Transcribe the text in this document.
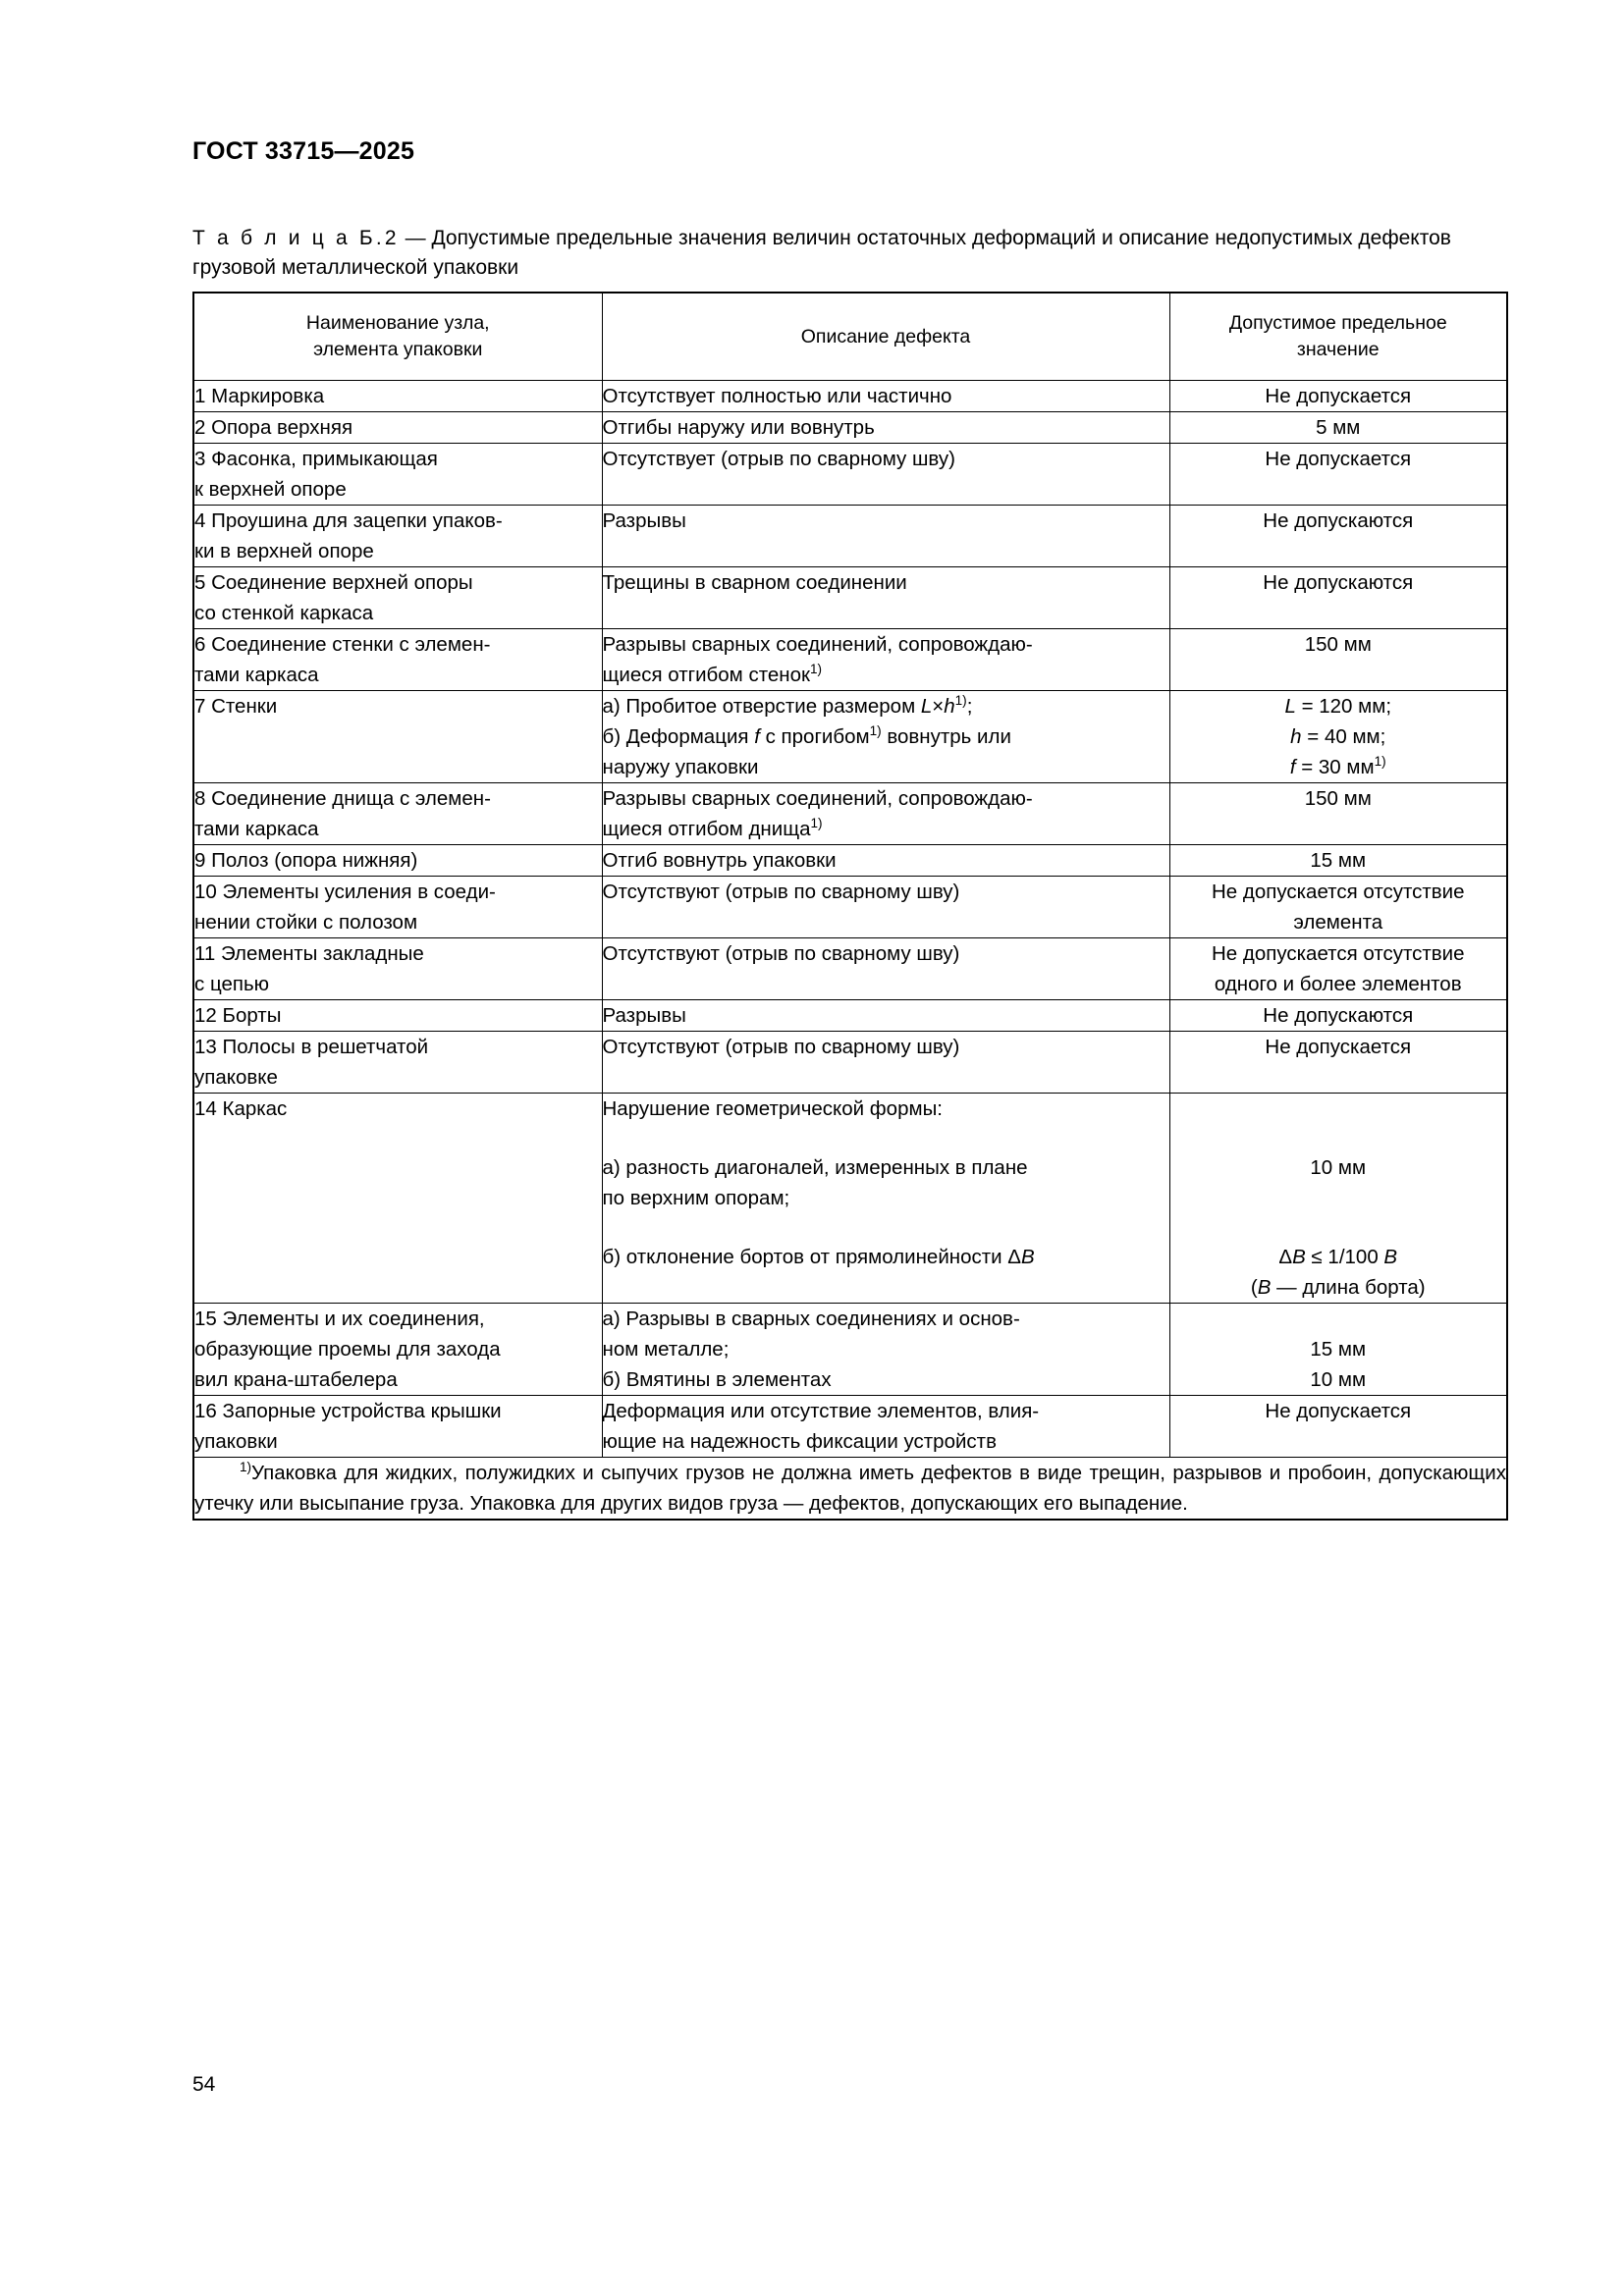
ГОСТ 33715—2025
Т а б л и ц а Б.2 — Допустимые предельные значения величин остаточных деформаций и описание недопустимых дефектов грузовой металлической упаковки
Наименование узла,
элемента упаковки	Описание дефекта	Допустимое предельное
значение

1 Маркировка	Отсутствует полностью или частично	Не допускается

2 Опора верхняя	Отгибы наружу или вовнутрь	5 мм

3 Фасонка, примыкающая
к верхней опоре	Отсутствует (отрыв по сварному шву)	Не допускается

4 Проушина для зацепки упаков-
ки в верхней опоре	Разрывы	Не допускаются

5 Соединение верхней опоры
со стенкой каркаса	Трещины в сварном соединении	Не допускаются

6 Соединение стенки с элемен-
тами каркаса	Разрывы сварных соединений, сопровождаю-
щиеся отгибом стенок$^{1)}$	150 мм

7 Стенки	а) Пробитое отверстие размером $L\times h^{1)}$;
б) Деформация f с прогибом$^{1)}$ вовнутрь или
наружу упаковки	L = 120 мм;
h = 40 мм;
f = 30 $мм^{1)}$

8 Соединение днища с элемен-
тами каркаса	Разрывы сварных соединений, сопровождаю-
щиеся отгибом днища$^{1)}$	150 мм

9 Полоз (опора нижняя)	Отгиб вовнутрь упаковки	15 мм

10 Элементы усиления в соеди-
нении стойки с полозом	Отсутствуют (отрыв по сварному шву)	Не допускается отсутствие
элемента

11 Элементы закладные
с цепью	Отсутствуют (отрыв по сварному шву)	Не допускается отсутствие
одного и более элементов

12 Борты	Разрывы	Не допускаются

13 Полосы в решетчатой
упаковке	Отсутствуют (отрыв по сварному шву)	Не допускается

14 Каркас	Нарушение геометрической формы:
а) разность диагоналей, измеренных в плане
по верхним опорам;
б) отклонение бортов от прямолинейности ΔB	10 мм
ΔB ≤ 1/100 B
(B — длина борта)

15 Элементы и их соединения,
образующие проемы для захода
вил крана-штабелера	а) Разрывы в сварных соединениях и основ-
ном металле;
б) Вмятины в элементах	15 мм
10 мм

16 Запорные устройства крышки
упаковки	Деформация или отсутствие элементов, влия-
ющие на надежность фиксации устройств	Не допускается

$^{1)}$Упаковка для жидких, полужидких и сыпучих грузов не должна иметь дефектов в виде трещин, разрывов и пробоин, допускающих утечку или высыпание груза. Упаковка для других видов груза — дефектов, допускающих его выпадение.		
54
